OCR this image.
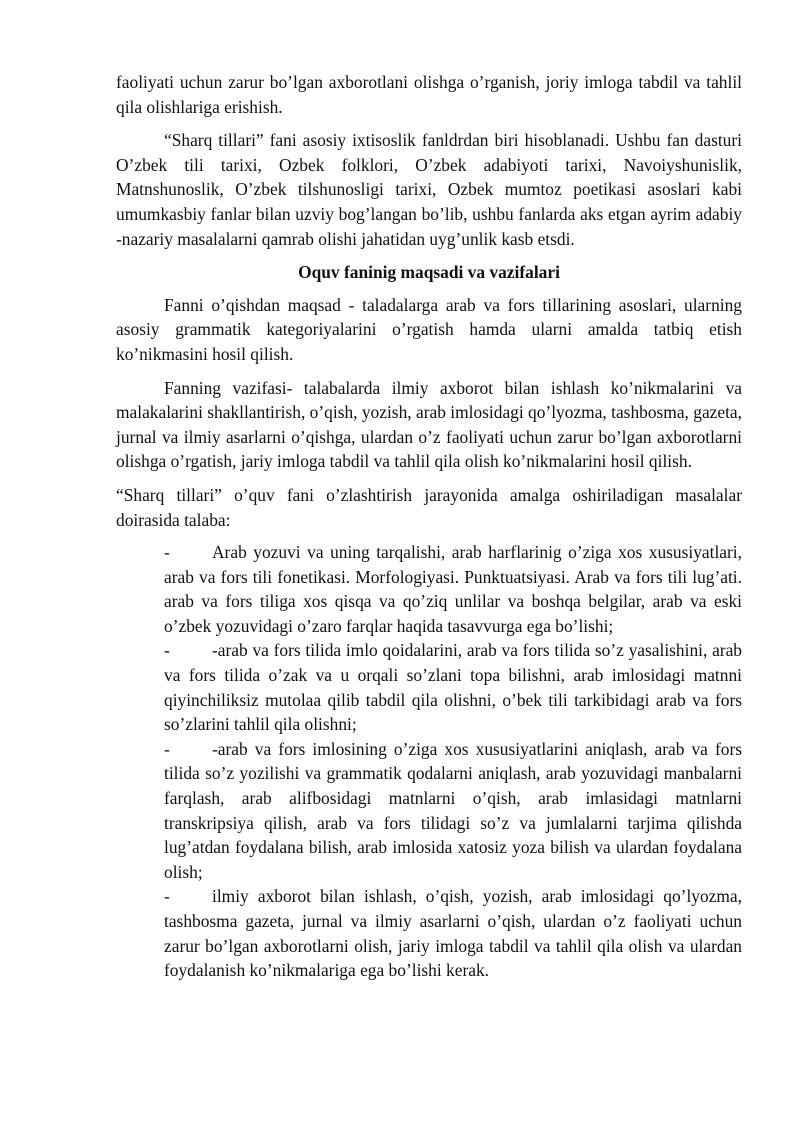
faoliyati uchun zarur bo’lgan axborotlani olishga o’rganish, joriy imloga tabdil va tahlil qila olishlariga erishish.

“Sharq tillari” fani asosiy ixtisoslik fanldrdan biri hisoblanadi. Ushbu fan dasturi O’zbek tili tarixi, Ozbek folklori, O’zbek adabiyoti tarixi, Navoiyshunislik, Matnshunoslik, O’zbek tilshunosligi tarixi, Ozbek mumtoz poetikasi asoslari kabi umumkasbiy fanlar bilan uzviy bog’langan bo’lib, ushbu fanlarda aks etgan ayrim adabiy -nazariy masalalarni qamrab olishi jahatidan uyg’unlik kasb etsdi.

Oquv faninig maqsadi va vazifalari

Fanni o’qishdan maqsad - taladalarga arab va fors tillarining asoslari, ularning asosiy grammatik kategoriyalarini o’rgatish hamda ularni amalda tatbiq etish ko’nikmasini hosil qilish.

Fanning vazifasi- talabalarda ilmiy axborot bilan ishlash ko’nikmalarini va malakalarini shakllantirish, o’qish, yozish, arab imlosidagi qo’lyozma, tashbosma, gazeta, jurnal va ilmiy asarlarni o’qishga, ulardan o’z faoliyati uchun zarur bo’lgan axborotlarni olishga o’rgatish, jariy imloga tabdil va tahlil qila olish ko’nikmalarini hosil qilish.

“Sharq tillari” o’quv fani o’zlashtirish jarayonida amalga oshiriladigan masalalar doirasida talaba:

- Arab yozuvi va uning tarqalishi, arab harflarinig o’ziga xos xususiyatlari, arab va fors tili fonetikasi. Morfologiyasi. Punktuatsiyasi. Arab va fors tili lug’ati. arab va fors tiliga xos qisqa va qo’ziq unlilar va boshqa belgilar, arab va eski o’zbek yozuvidagi o’zaro farqlar haqida tasavvurga ega bo’lishi;
- -arab va fors tilida imlo qoidalarini, arab va fors tilida so’z yasalishini, arab va fors tilida o’zak va u orqali so’zlani topa bilishni, arab imlosidagi matnni qiyinchiliksiz mutolaa qilib tabdil qila olishni, o’bek tili tarkibidagi arab va fors so’zlarini tahlil qila olishni;
- -arab va fors imlosining o’ziga xos xususiyatlarini aniqlash, arab va fors tilida so’z yozilishi va grammatik qodalarni aniqlash, arab yozuvidagi manbalarni farqlash, arab alifbosidagi matnlarni o’qish, arab imlasidagi matnlarni transkripsiya qilish, arab va fors tilidagi so’z va jumlalarni tarjima qilishda lug’atdan foydalana bilish, arab imlosida xatosiz yoza bilish va ulardan foydalana olish;
- ilmiy axborot bilan ishlash, o’qish, yozish, arab imlosidagi qo’lyozma, tashbosma gazeta, jurnal va ilmiy asarlarni o’qish, ulardan o’z faoliyati uchun zarur bo’lgan axborotlarni olish, jariy imloga tabdil va tahlil qila olish va ulardan foydalanish ko’nikmalariga ega bo’lishi kerak.
